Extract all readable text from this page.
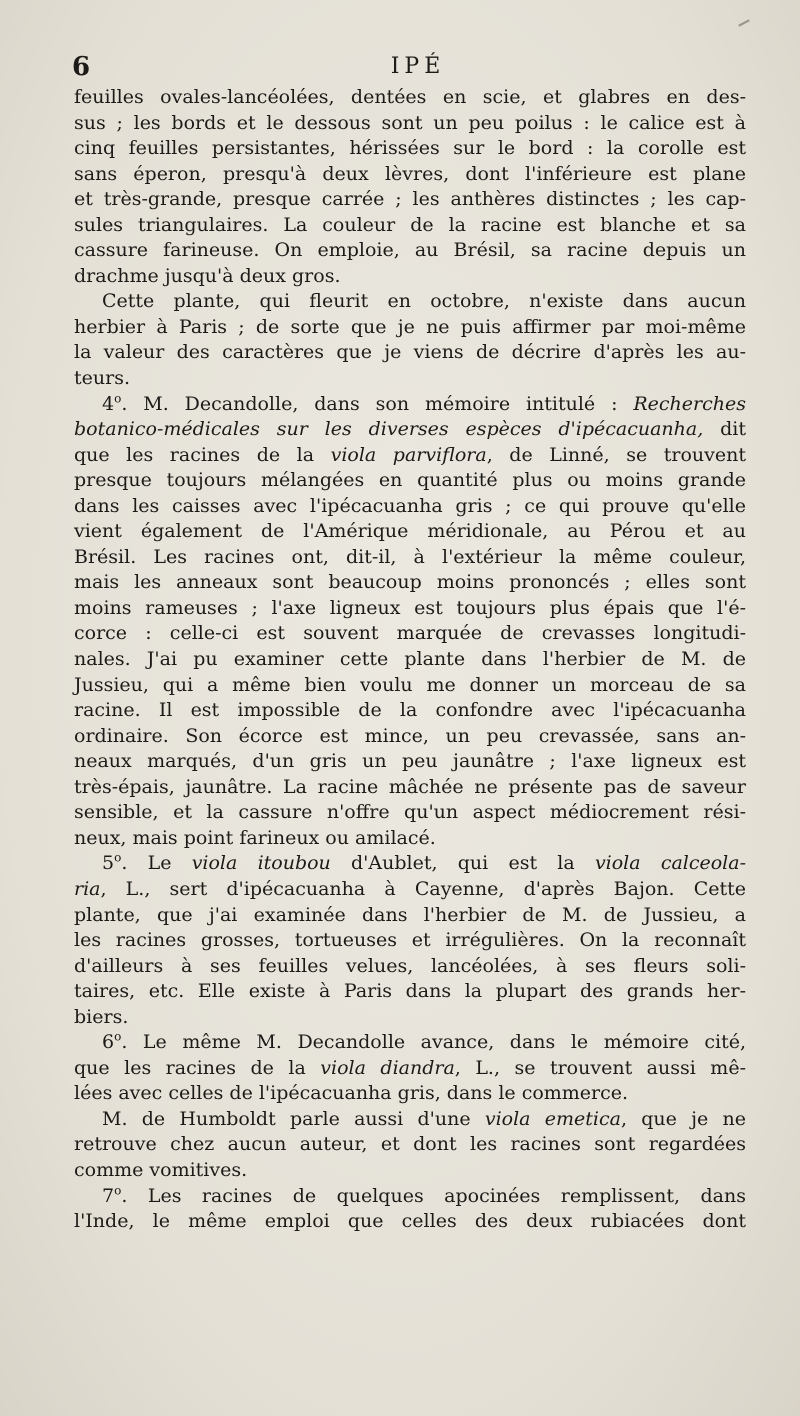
6	IPÉ
feuilles ovales-lancéolées, dentées en scie, et glabres en des-
sus ; les bords et le dessous sont un peu poilus : le calice est à
cinq feuilles persistantes, hérissées sur le bord : la corolle est
sans éperon, presqu'à deux lèvres, dont l'inférieure est plane
et très-grande, presque carrée ; les anthères distinctes ; les cap-
sules triangulaires. La couleur de la racine est blanche et sa
cassure farineuse. On emploie, au Brésil, sa racine depuis un
drachme jusqu'à deux gros.
Cette plante, qui fleurit en octobre, n'existe dans aucun
herbier à Paris ; de sorte que je ne puis affirmer par moi-même
la valeur des caractères que je viens de décrire d'après les au-
teurs.
4$^o$. M. Decandolle, dans son mémoire intitulé : Recherches
botanico-médicales sur les diverses espèces d'ipécacuanha, dit
que les racines de la viola parviflora, de Linné, se trouvent
presque toujours mélangées en quantité plus ou moins grande
dans les caisses avec l'ipécacuanha gris ; ce qui prouve qu'elle
vient également de l'Amérique méridionale, au Pérou et au
Brésil. Les racines ont, dit-il, à l'extérieur la même couleur,
mais les anneaux sont beaucoup moins prononcés ; elles sont
moins rameuses ; l'axe ligneux est toujours plus épais que l'é-
corce : celle-ci est souvent marquée de crevasses longitudi-
nales. J'ai pu examiner cette plante dans l'herbier de M. de
Jussieu, qui a même bien voulu me donner un morceau de sa
racine. Il est impossible de la confondre avec l'ipécacuanha
ordinaire. Son écorce est mince, un peu crevassée, sans an-
neaux marqués, d'un gris un peu jaunâtre ; l'axe ligneux est
très-épais, jaunâtre. La racine mâchée ne présente pas de saveur
sensible, et la cassure n'offre qu'un aspect médiocrement rési-
neux, mais point farineux ou amilacé.
5$^o$. Le viola itoubou d'Aublet, qui est la viola calceola-
ria, L., sert d'ipécacuanha à Cayenne, d'après Bajon. Cette
plante, que j'ai examinée dans l'herbier de M. de Jussieu, a
les racines grosses, tortueuses et irrégulières. On la reconnaît
d'ailleurs à ses feuilles velues, lancéolées, à ses fleurs soli-
taires, etc. Elle existe à Paris dans la plupart des grands her-
biers.
6$^o$. Le même M. Decandolle avance, dans le mémoire cité,
que les racines de la viola diandra, L., se trouvent aussi mê-
lées avec celles de l'ipécacuanha gris, dans le commerce.
M. de Humboldt parle aussi d'une viola emetica, que je ne
retrouve chez aucun auteur, et dont les racines sont regardées
comme vomitives.
7$^o$. Les racines de quelques apocinées remplissent, dans
l'Inde, le même emploi que celles des deux rubiacées dont
